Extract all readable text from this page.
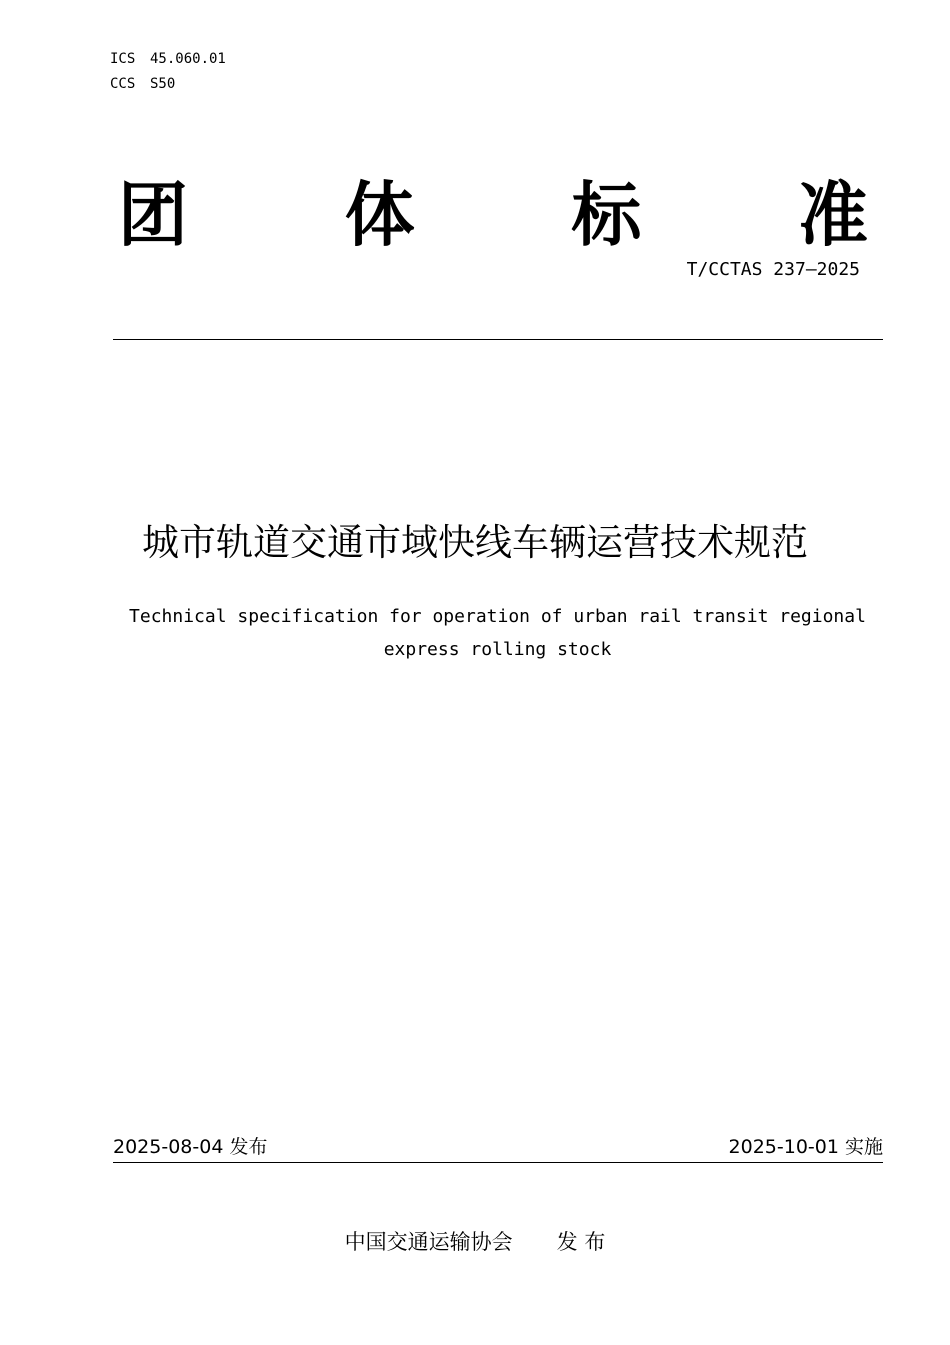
ICS 45.060.01
CCS S50
团 体 标 准
T/CCTAS 237—2025
城市轨道交通市域快线车辆运营技术规范
Technical specification for operation of urban rail transit regional
express rolling stock
2025-08-04 发布	2025-10-01 实施
中国交通运输协会 发 布
